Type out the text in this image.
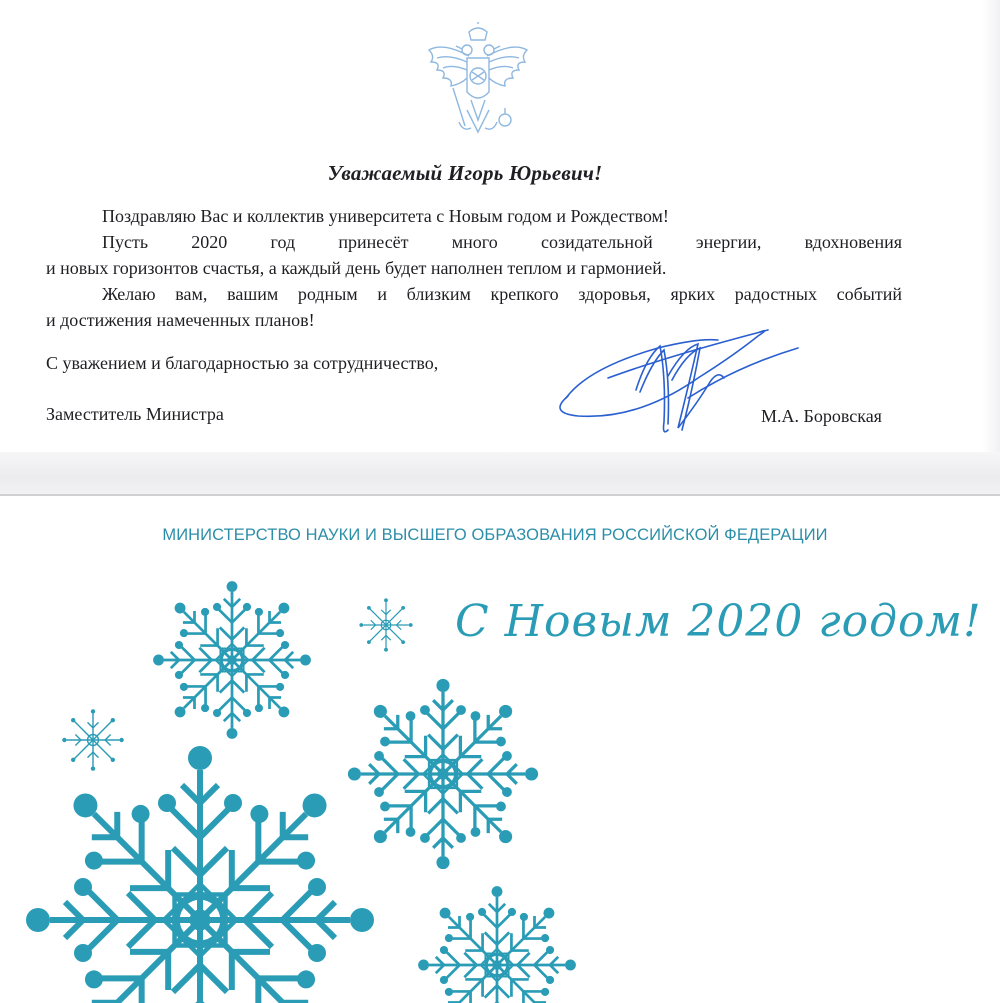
Уважаемый Игорь Юрьевич!
Поздравляю Вас и коллектив университета с Новым годом и Рождеством!
Пусть 2020 год принесёт много созидательной энергии, вдохновения
и новых горизонтов счастья, а каждый день будет наполнен теплом и гармонией.
Желаю вам, вашим родным и близким крепкого здоровья, ярких радостных событий
и достижения намеченных планов!
С уважением и благодарностью за сотрудничество,
Заместитель Министра	М.А. Боровская
МИНИСТЕРСТВО НАУКИ И ВЫСШЕГО ОБРАЗОВАНИЯ РОССИЙСКОЙ ФЕДЕРАЦИИ
С Новым 2020 годом!
